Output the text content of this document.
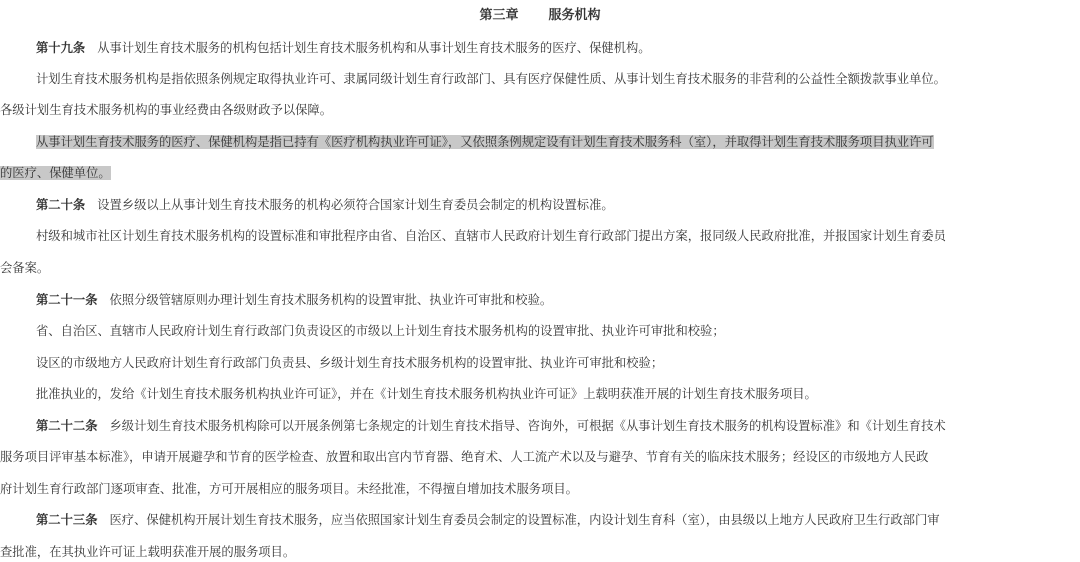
第三章 服务机构
第十九条 从事计划生育技术服务的机构包括计划生育技术服务机构和从事计划生育技术服务的医疗、保健机构。
计划生育技术服务机构是指依照条例规定取得执业许可、隶属同级计划生育行政部门、具有医疗保健性质、从事计划生育技术服务的非营利的公益性全额拨款事业单位。
各级计划生育技术服务机构的事业经费由各级财政予以保障。
从事计划生育技术服务的医疗、保健机构是指已持有《医疗机构执业许可证》，又依照条例规定设有计划生育技术服务科（室），并取得计划生育技术服务项目执业许可
的医疗、保健单位。
第二十条 设置乡级以上从事计划生育技术服务的机构必须符合国家计划生育委员会制定的机构设置标准。
村级和城市社区计划生育技术服务机构的设置标准和审批程序由省、自治区、直辖市人民政府计划生育行政部门提出方案，报同级人民政府批准，并报国家计划生育委员
会备案。
第二十一条 依照分级管辖原则办理计划生育技术服务机构的设置审批、执业许可审批和校验。
省、自治区、直辖市人民政府计划生育行政部门负责设区的市级以上计划生育技术服务机构的设置审批、执业许可审批和校验；
设区的市级地方人民政府计划生育行政部门负责县、乡级计划生育技术服务机构的设置审批、执业许可审批和校验；
批准执业的，发给《计划生育技术服务机构执业许可证》，并在《计划生育技术服务机构执业许可证》上载明获准开展的计划生育技术服务项目。
第二十二条 乡级计划生育技术服务机构除可以开展条例第七条规定的计划生育技术指导、咨询外，可根据《从事计划生育技术服务的机构设置标准》和《计划生育技术
服务项目评审基本标准》，申请开展避孕和节育的医学检查、放置和取出宫内节育器、绝育术、人工流产术以及与避孕、节育有关的临床技术服务；经设区的市级地方人民政
府计划生育行政部门逐项审查、批准，方可开展相应的服务项目。未经批准，不得擅自增加技术服务项目。
第二十三条 医疗、保健机构开展计划生育技术服务，应当依照国家计划生育委员会制定的设置标准，内设计划生育科（室），由县级以上地方人民政府卫生行政部门审
查批准，在其执业许可证上载明获准开展的服务项目。
